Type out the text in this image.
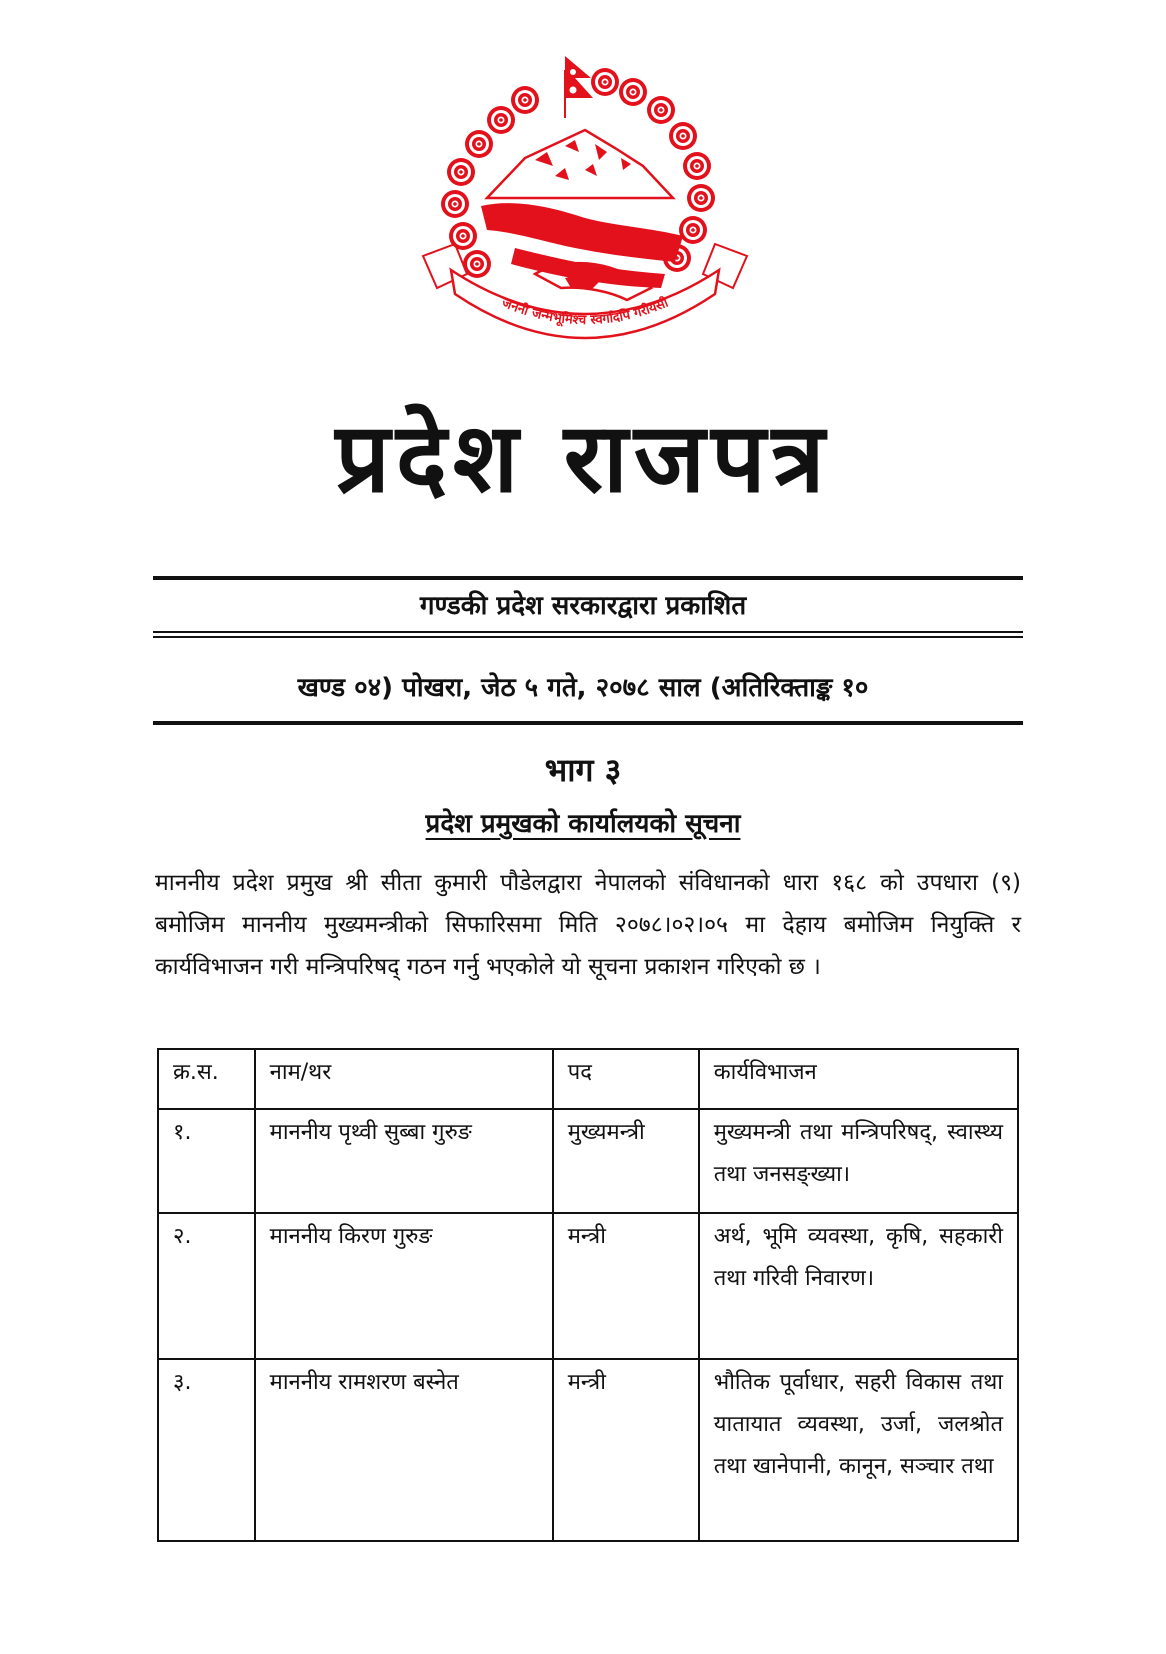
जननी जन्मभूमिश्च स्वर्गादपि गरीयसी
प्रदेश राजपत्र
गण्डकी प्रदेश सरकारद्वारा प्रकाशित
खण्ड ०४) पोखरा, जेठ ५ गते, २०७८ साल (अतिरिक्ताङ्क १०
भाग ३
प्रदेश प्रमुखको कार्यालयको सूचना

माननीय प्रदेश प्रमुख श्री सीता कुमारी पौडेलद्वारा नेपालको संविधानको धारा १६८ को उपधारा (९) बमोजिम माननीय मुख्यमन्त्रीको सिफारिसमा मिति २०७८।०२।०५ मा देहाय बमोजिम नियुक्ति र कार्यविभाजन गरी मन्त्रिपरिषद् गठन गर्नु भएकोले यो सूचना प्रकाशन गरिएको छ ।

क्र.स.	नाम/थर	पद	कार्यविभाजन
१.	माननीय पृथ्वी सुब्बा गुरुङ	मुख्यमन्त्री	मुख्यमन्त्री तथा मन्त्रिपरिषद्, स्वास्थ्य तथा जनसङ्ख्या।
२.	माननीय किरण गुरुङ	मन्त्री	अर्थ, भूमि व्यवस्था, कृषि, सहकारी तथा गरिवी निवारण।
३.	माननीय रामशरण बस्नेत	मन्त्री	भौतिक पूर्वाधार, सहरी विकास तथा यातायात व्यवस्था, उर्जा, जलश्रोत तथा खानेपानी, कानून, सञ्चार तथा
